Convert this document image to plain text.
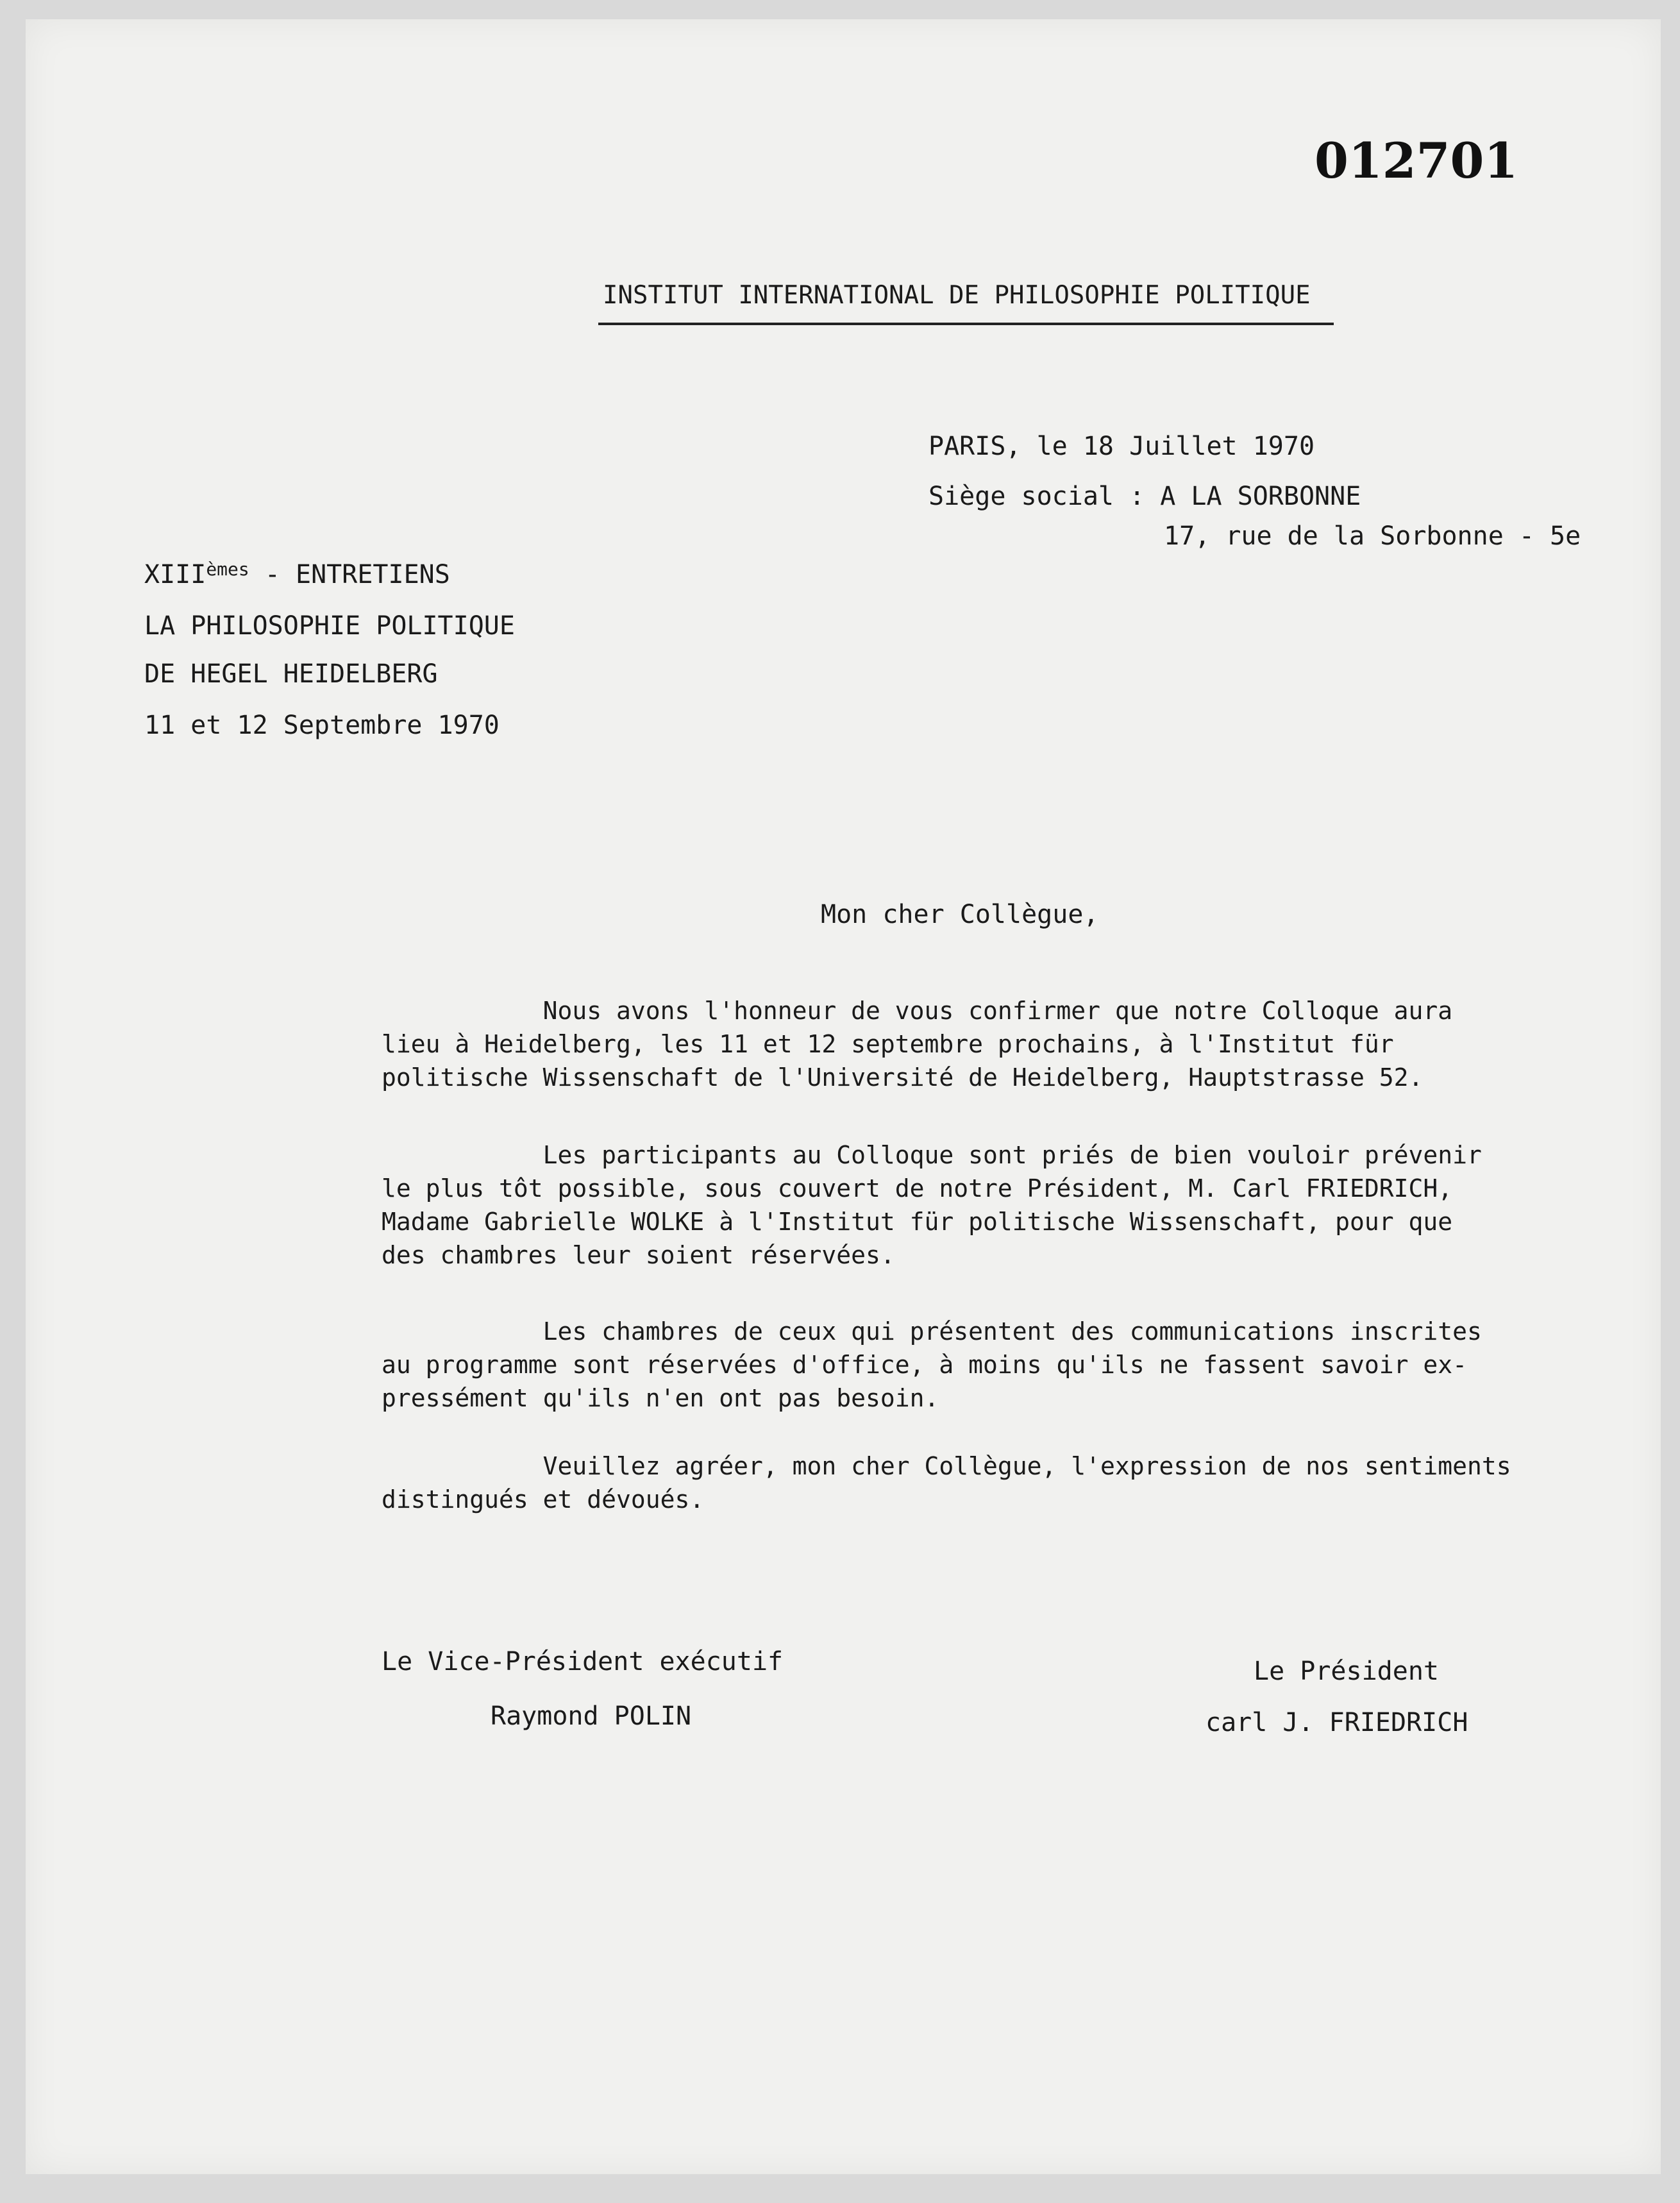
012701

INSTITUT INTERNATIONAL DE PHILOSOPHIE POLITIQUE

PARIS, le 18 Juillet 1970

Siège social : A LA SORBONNE

17, rue de la Sorbonne - 5e

XIIIèmes - ENTRETIENS

LA PHILOSOPHIE POLITIQUE

DE HEGEL HEIDELBERG

11 et 12 Septembre 1970

Mon cher Collègue,

Nous avons l'honneur de vous confirmer que notre Colloque aura
lieu à Heidelberg, les 11 et 12 septembre prochains, à l'Institut für
politische Wissenschaft de l'Université de Heidelberg, Hauptstrasse 52.
Les participants au Colloque sont priés de bien vouloir prévenir
le plus tôt possible, sous couvert de notre Président, M. Carl FRIEDRICH,
Madame Gabrielle WOLKE à l'Institut für politische Wissenschaft, pour que
des chambres leur soient réservées.
Les chambres de ceux qui présentent des communications inscrites
au programme sont réservées d'office, à moins qu'ils ne fassent savoir ex-
pressément qu'ils n'en ont pas besoin.
Veuillez agréer, mon cher Collègue, l'expression de nos sentiments
distingués et dévoués.

Le Vice-Président exécutif

Raymond POLIN

Le Président

carl J. FRIEDRICH
